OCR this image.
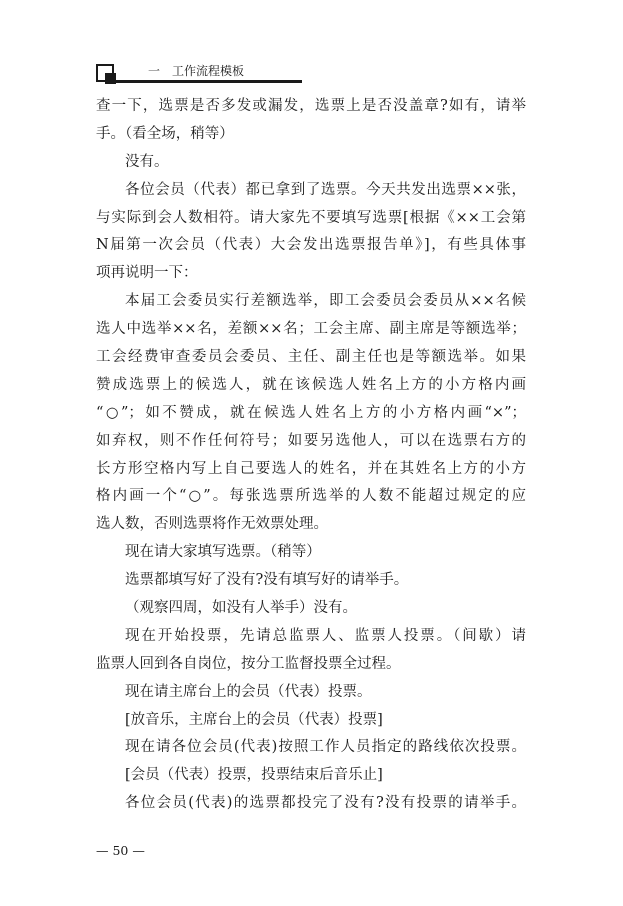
一　工作流程模板
查一下，选票是否多发或漏发，选票上是否没盖章?如有，请举
手。（看全场，稍等）
没有。
各位会员（代表）都已拿到了选票。今天共发出选票××张，
与实际到会人数相符。请大家先不要填写选票[根据《××工会第
N届第一次会员（代表）大会发出选票报告单》]，有些具体事
项再说明一下：
本届工会委员实行差额选举，即工会委员会委员从××名候
选人中选举××名，差额××名；工会主席、副主席是等额选举；
工会经费审查委员会委员、主任、副主任也是等额选举。如果
赞成选票上的候选人，就在该候选人姓名上方的小方格内画
“○”；如不赞成，就在候选人姓名上方的小方格内画“×”；
如弃权，则不作任何符号；如要另选他人，可以在选票右方的
长方形空格内写上自己要选人的姓名，并在其姓名上方的小方
格内画一个“○”。每张选票所选举的人数不能超过规定的应
选人数，否则选票将作无效票处理。
现在请大家填写选票。（稍等）
选票都填写好了没有?没有填写好的请举手。
（观察四周，如没有人举手）没有。
现在开始投票，先请总监票人、监票人投票。（间歇）请
监票人回到各自岗位，按分工监督投票全过程。
现在请主席台上的会员（代表）投票。
[放音乐，主席台上的会员（代表）投票]
现在请各位会员(代表)按照工作人员指定的路线依次投票。
[会员（代表）投票，投票结束后音乐止]
各位会员(代表)的选票都投完了没有?没有投票的请举手。
— 50 —
